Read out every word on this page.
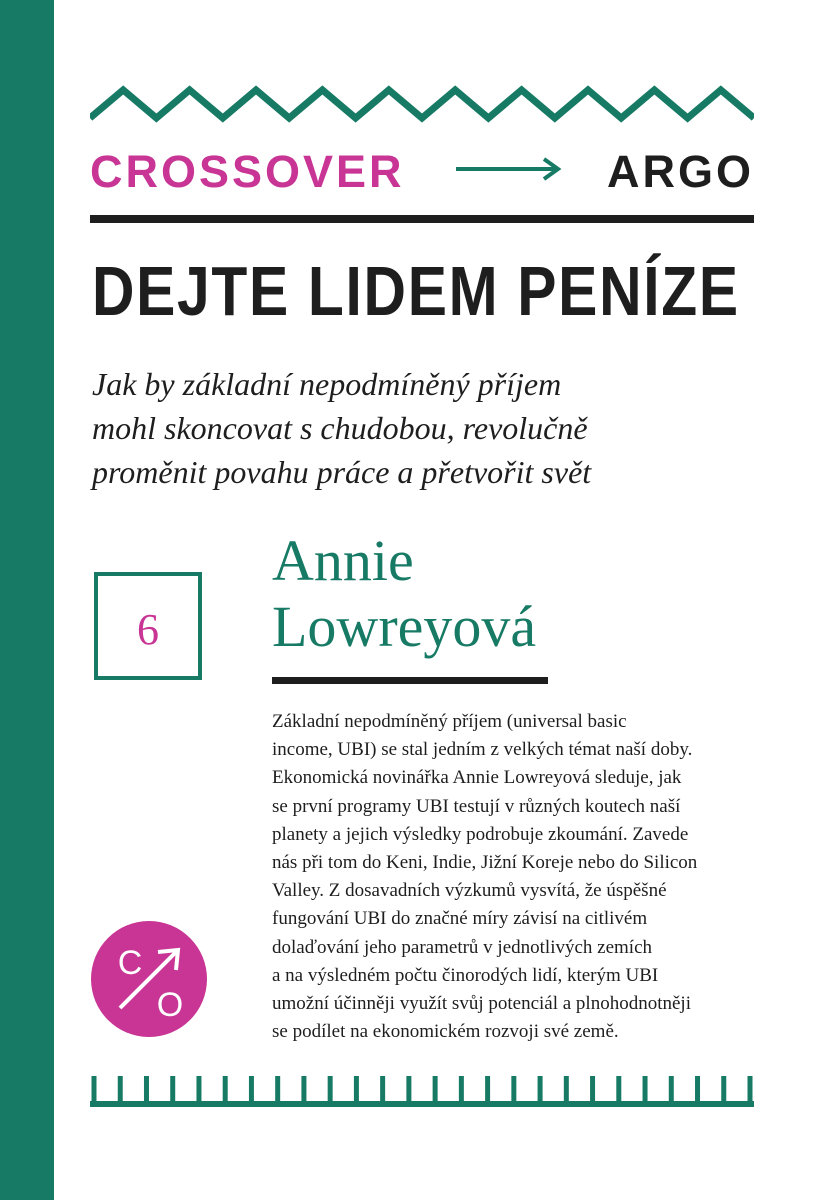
CROSSOVER	ARGO
DEJTE LIDEM PENÍZE
Jak by základní nepodmíněný příjem
mohl skoncovat s chudobou, revolučně
proměnit povahu práce a přetvořit svět
6
Annie
Lowreyová
Základní nepodmíněný příjem (universal basic
income, UBI) se stal jedním z velkých témat naší doby.
Ekonomická novinářka Annie Lowreyová sleduje, jak
se první programy UBI testují v různých koutech naší
planety a jejich výsledky podrobuje zkoumání. Zavede
nás při tom do Keni, Indie, Jižní Koreje nebo do Silicon
Valley. Z dosavadních výzkumů vysvítá, že úspěšné
fungování UBI do značné míry závisí na citlivém
dolaďování jeho parametrů v jednotlivých zemích
a na výsledném počtu činorodých lidí, kterým UBI
umožní účinněji využít svůj potenciál a plnohodnotněji
se podílet na ekonomickém rozvoji své země.
C
O
